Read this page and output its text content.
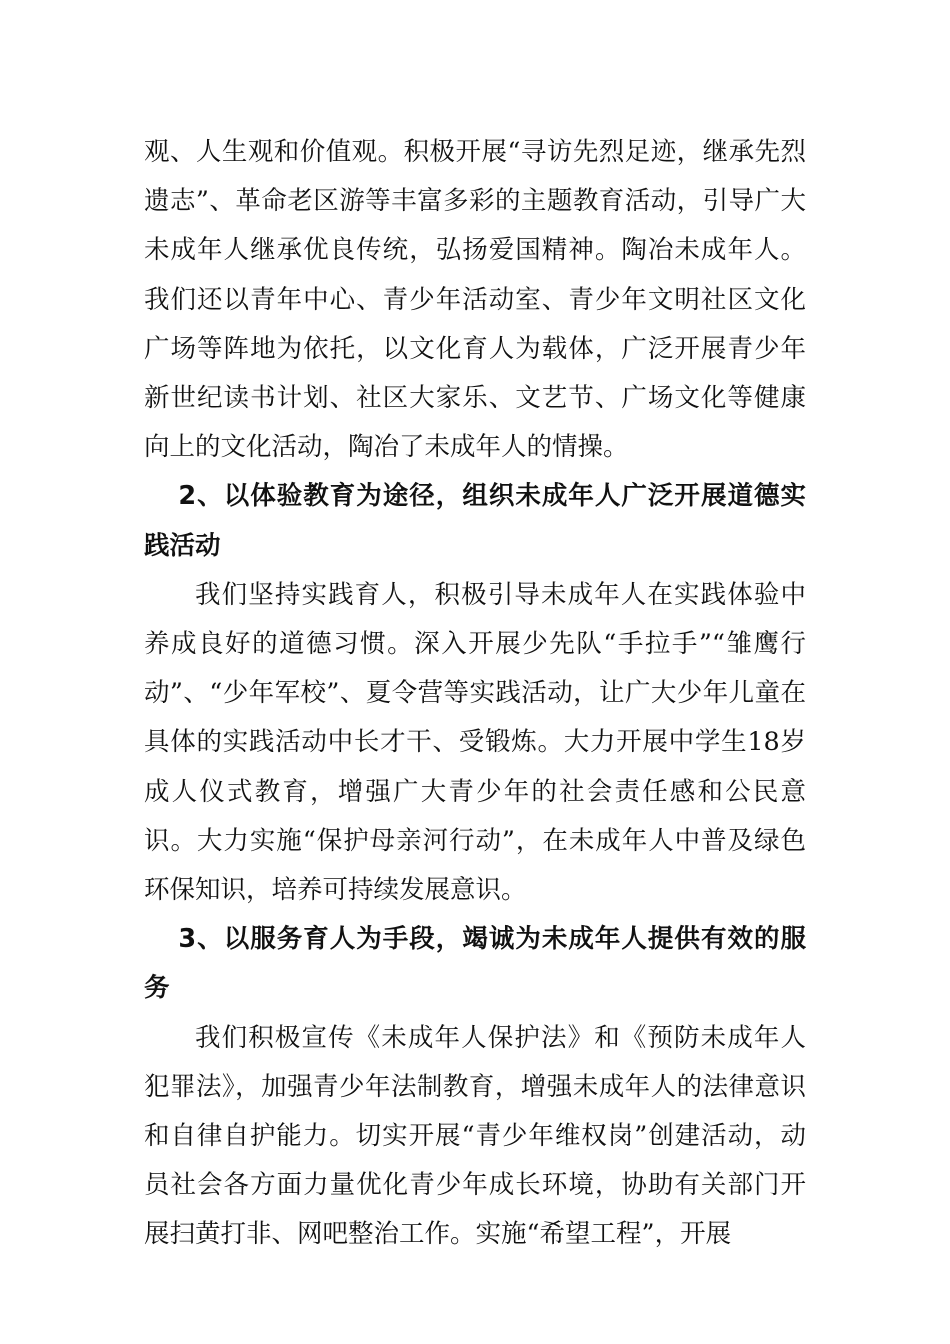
观、人生观和价值观。积极开展“寻访先烈足迹，继承先烈遗志”、革命老区游等丰富多彩的主题教育活动，引导广大未成年人继承优良传统，弘扬爱国精神。陶冶未成年人。我们还以青年中心、青少年活动室、青少年文明社区文化广场等阵地为依托，以文化育人为载体，广泛开展青少年新世纪读书计划、社区大家乐、文艺节、广场文化等健康向上的文化活动，陶冶了未成年人的情操。

2、以体验教育为途径，组织未成年人广泛开展道德实践活动

我们坚持实践育人，积极引导未成年人在实践体验中养成良好的道德习惯。深入开展少先队“手拉手”“雏鹰行动”、“少年军校”、夏令营等实践活动，让广大少年儿童在具体的实践活动中长才干、受锻炼。大力开展中学生18岁成人仪式教育，增强广大青少年的社会责任感和公民意识。大力实施“保护母亲河行动”，在未成年人中普及绿色环保知识，培养可持续发展意识。

3、以服务育人为手段，竭诚为未成年人提供有效的服务

我们积极宣传《未成年人保护法》和《预防未成年人犯罪法》，加强青少年法制教育，增强未成年人的法律意识和自律自护能力。切实开展“青少年维权岗”创建活动，动员社会各方面力量优化青少年成长环境，协助有关部门开展扫黄打非、网吧整治工作。实施“希望工程”，开展
